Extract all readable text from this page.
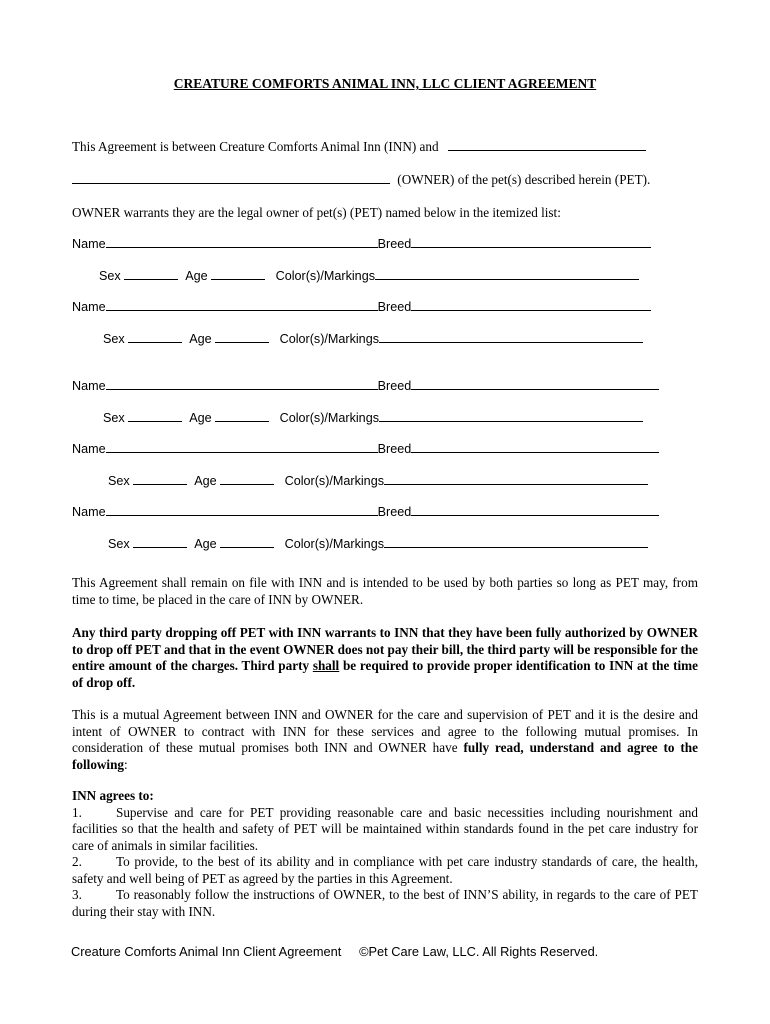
CREATURE COMFORTS ANIMAL INN, LLC CLIENT AGREEMENT
This Agreement is between Creature Comforts Animal Inn (INN) and
(OWNER) of the pet(s) described herein (PET).
OWNER warrants they are the legal owner of pet(s) (PET) named below in the itemized list:
Name	Breed
Sex	Age	Color(s)/Markings
Name	Breed
Sex	Age	Color(s)/Markings
Name	Breed
Sex	Age	Color(s)/Markings
Name	Breed
Sex	Age	Color(s)/Markings
Name	Breed
Sex	Age	Color(s)/Markings
This Agreement shall remain on file with INN and is intended to be used by both parties so long as PET may, from time to time, be placed in the care of INN by OWNER.
Any third party dropping off PET with INN warrants to INN that they have been fully authorized by OWNER to drop off PET and that in the event OWNER does not pay their bill, the third party will be responsible for the entire amount of the charges. Third party shall be required to provide proper identification to INN at the time of drop off.
This is a mutual Agreement between INN and OWNER for the care and supervision of PET and it is the desire and intent of OWNER to contract with INN for these services and agree to the following mutual promises. In consideration of these mutual promises both INN and OWNER have fully read, understand and agree to the following:
INN agrees to:

1.	Supervise and care for PET providing reasonable care and basic necessities including nourishment and facilities so that the health and safety of PET will be maintained within standards found in the pet care industry for care of animals in similar facilities.

2.	To provide, to the best of its ability and in compliance with pet care industry standards of care, the health, safety and well being of PET as agreed by the parties in this Agreement.

3.	To reasonably follow the instructions of OWNER, to the best of INN’S ability, in regards to the care of PET during their stay with INN.

Creature Comforts Animal Inn Client Agreement ©Pet Care Law, LLC. All Rights Reserved.
